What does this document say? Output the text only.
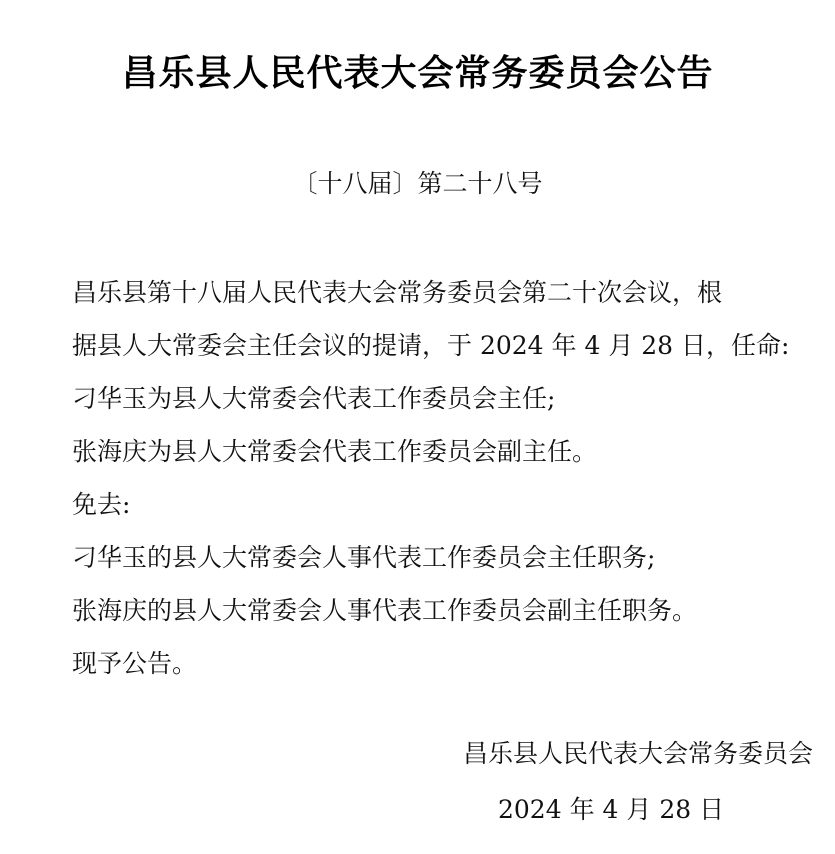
昌乐县人民代表大会常务委员会公告
〔十八届〕第二十八号
昌乐县第十八届人民代表大会常务委员会第二十次会议，根
据县人大常委会主任会议的提请，于 2024 年 4 月 28 日，任命:
刁华玉为县人大常委会代表工作委员会主任;
张海庆为县人大常委会代表工作委员会副主任。
免去:
刁华玉的县人大常委会人事代表工作委员会主任职务;
张海庆的县人大常委会人事代表工作委员会副主任职务。
现予公告。
昌乐县人民代表大会常务委员会
2024 年 4 月 28 日
